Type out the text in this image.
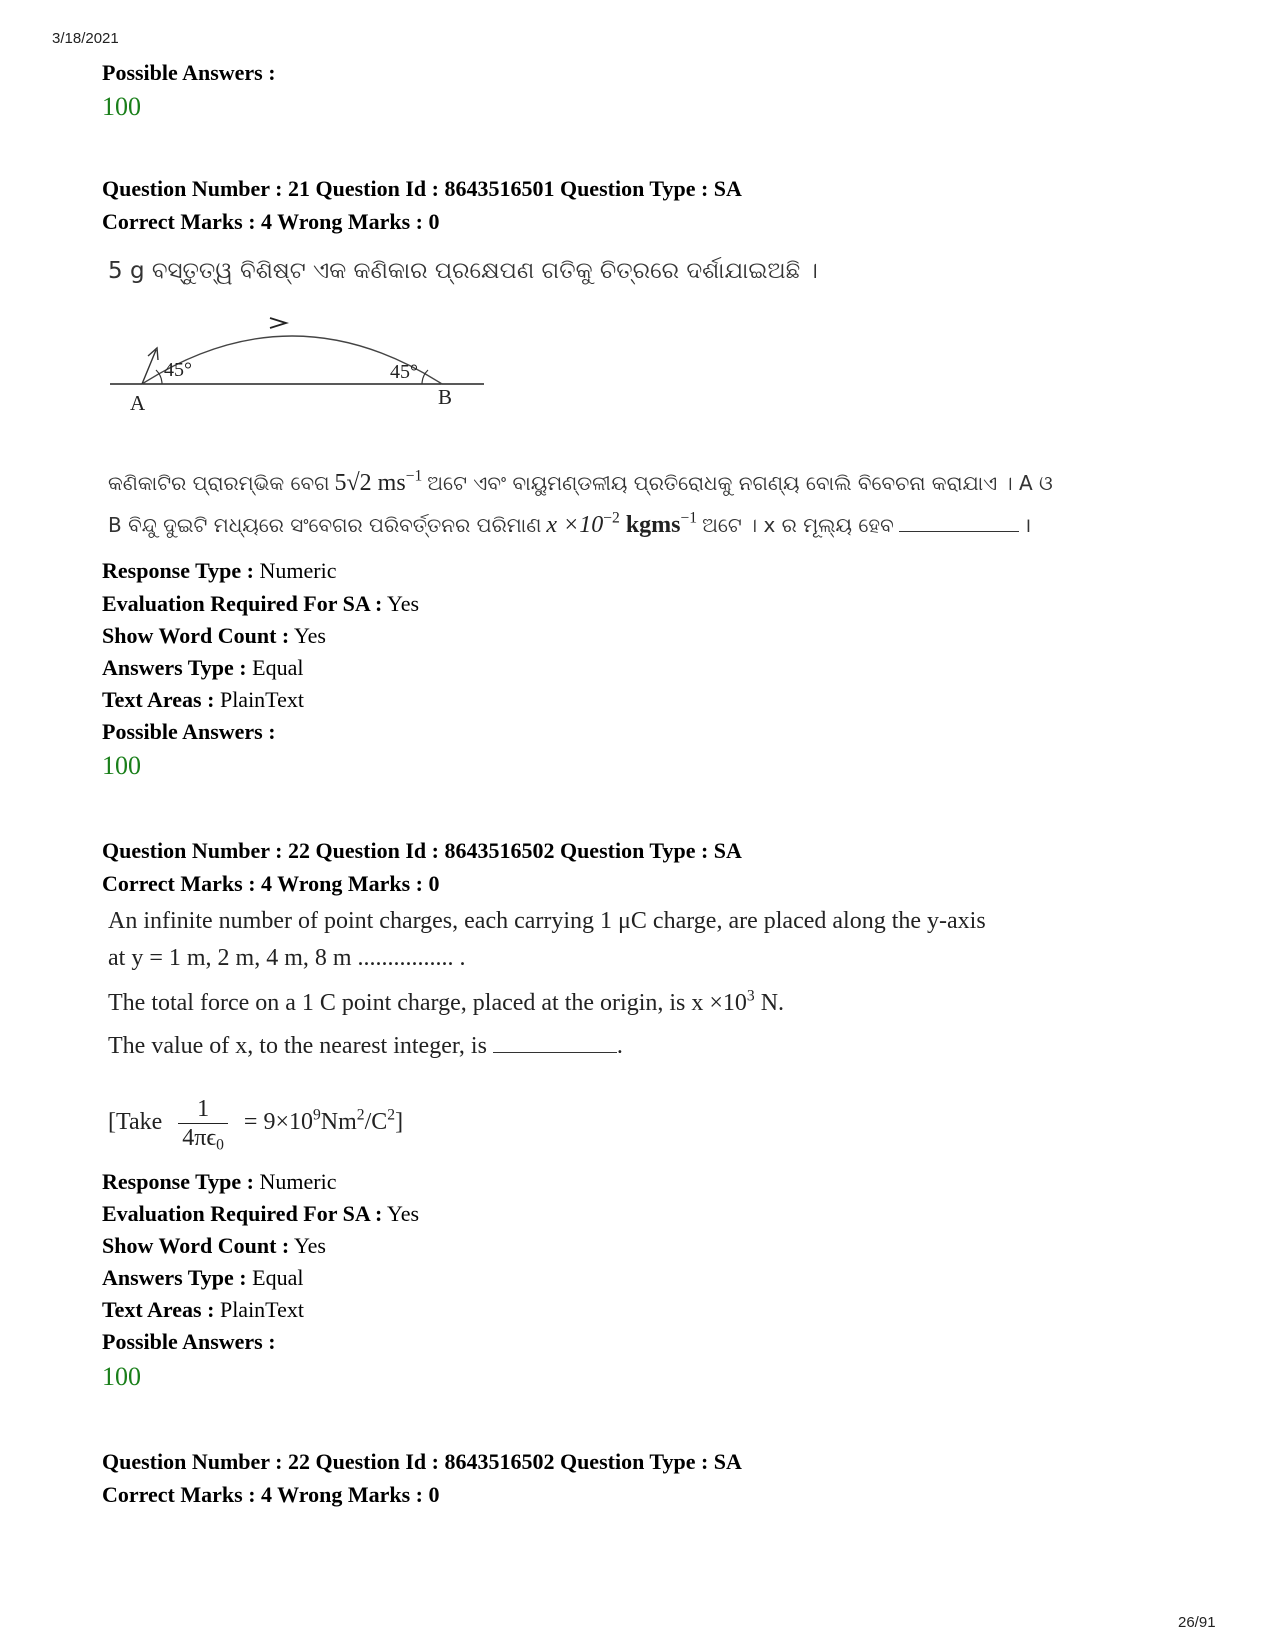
3/18/2021
Possible Answers :
100
Question Number : 21 Question Id : 8643516501 Question Type : SA
Correct Marks : 4 Wrong Marks : 0
5 g ବସ୍ତୁତ୍ୱ ବିଶିଷ୍ଟ ଏକ କଣିକାର ପ୍ରକ୍ଷେପଣ ଗତିକୁ ଚିତ୍ରରେ ଦର୍ଶାଯାଇଅଛି ।
45°	45°
A	B
କଣିକାଟିର ପ୍ରାରମ୍ଭିକ ବେଗ 5√2 $ms^{-1}$ ଅଟେ ଏବଂ ବାୟୁମଣ୍ଡଳୀୟ ପ୍ରତିରୋଧକୁ ନଗଣ୍ୟ ବୋଲି ବିବେଚନା କରାଯାଏ । A ଓ
B ବିନ୍ଦୁ ଦୁଇଟି ମଧ୍ୟରେ ସଂବେଗର ପରିବର୍ତ୍ତନର ପରିମାଣ $x \times 10^{-2}$ kgms$^{-1}$ ଅଟେ । x ର ମୂଲ୍ୟ ହେବ	।
Response Type : Numeric
Evaluation Required For SA : Yes
Show Word Count : Yes
Answers Type : Equal
Text Areas : PlainText
Possible Answers :
100
Question Number : 22 Question Id : 8643516502 Question Type : SA
Correct Marks : 4 Wrong Marks : 0
An infinite number of point charges, each carrying 1 μC charge, are placed along the y-axis
at y = 1 m, 2 m, 4 m, 8 m ................ .
The total force on a 1 C point charge, placed at the origin, is $x \times 10^3$ N.
The value of x, to the nearest integer, is	.
[Take $\frac{1}{4\pi\epsilon_0} = 9\times 10^9Nm^2/C^2$]
Response Type : Numeric
Evaluation Required For SA : Yes
Show Word Count : Yes
Answers Type : Equal
Text Areas : PlainText
Possible Answers :
100
Question Number : 22 Question Id : 8643516502 Question Type : SA
Correct Marks : 4 Wrong Marks : 0
26/91
